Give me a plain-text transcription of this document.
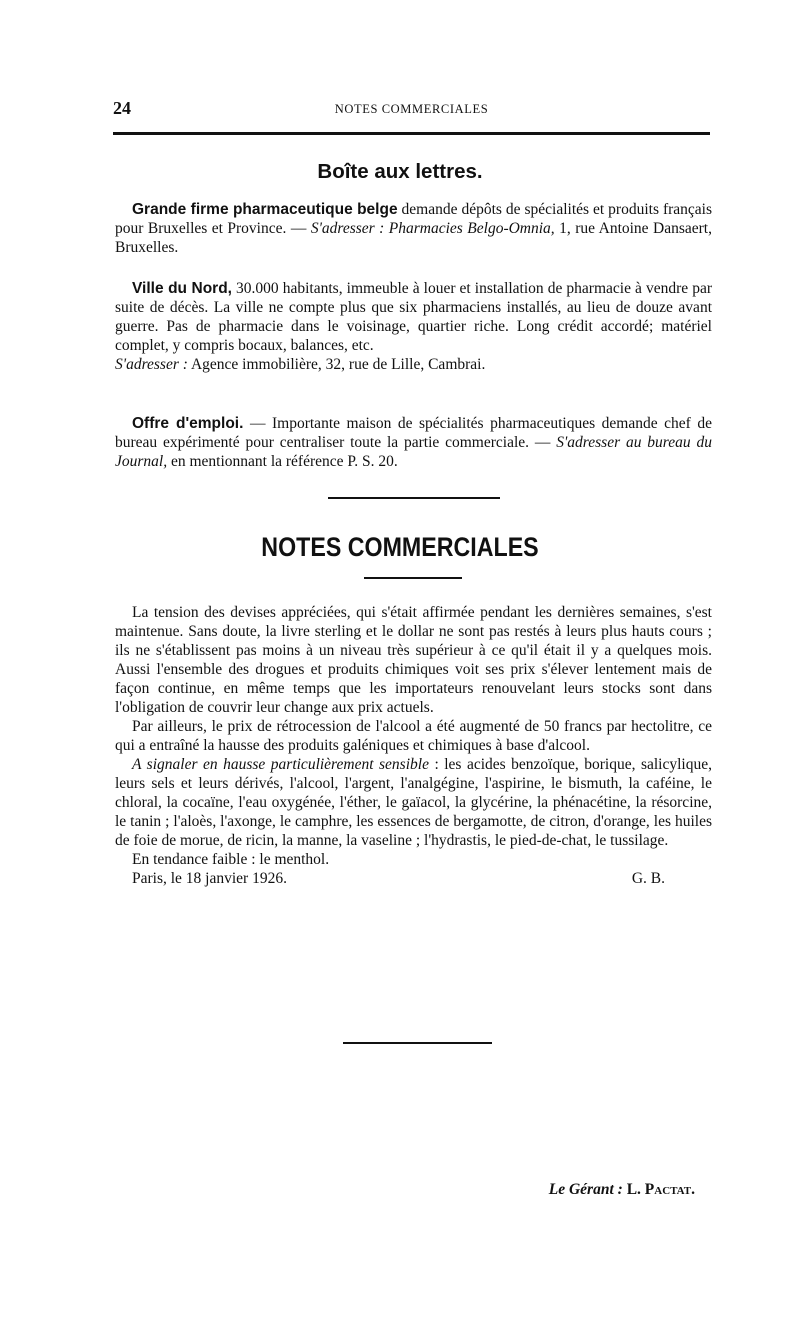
24	NOTES COMMERCIALES
Boîte aux lettres.

Grande firme pharmaceutique belge demande dépôts de spécialités et produits français pour Bruxelles et Province. — S'adresser : Pharmacies Belgo-Omnia, 1, rue Antoine Dansaert, Bruxelles.

Ville du Nord, 30.000 habitants, immeuble à louer et installation de pharmacie à vendre par suite de décès. La ville ne compte plus que six pharmaciens installés, au lieu de douze avant guerre. Pas de pharmacie dans le voisinage, quartier riche. Long crédit accordé; matériel complet, y compris bocaux, balances, etc.

S'adresser : Agence immobilière, 32, rue de Lille, Cambrai.

Offre d'emploi. — Importante maison de spécialités pharmaceutiques demande chef de bureau expérimenté pour centraliser toute la partie commerciale. — S'adresser au bureau du Journal, en mentionnant la référence P. S. 20.

NOTES COMMERCIALES

La tension des devises appréciées, qui s'était affirmée pendant les dernières semaines, s'est maintenue. Sans doute, la livre sterling et le dollar ne sont pas restés à leurs plus hauts cours ; ils ne s'établissent pas moins à un niveau très supérieur à ce qu'il était il y a quelques mois. Aussi l'ensemble des drogues et produits chimiques voit ses prix s'élever lentement mais de façon continue, en même temps que les importateurs renouvelant leurs stocks sont dans l'obligation de couvrir leur change aux prix actuels.

Par ailleurs, le prix de rétrocession de l'alcool a été augmenté de 50 francs par hectolitre, ce qui a entraîné la hausse des produits galéniques et chimiques à base d'alcool.

A signaler en hausse particulièrement sensible : les acides benzoïque, borique, salicylique, leurs sels et leurs dérivés, l'alcool, l'argent, l'analgégine, l'aspirine, le bismuth, la caféine, le chloral, la cocaïne, l'eau oxygénée, l'éther, le gaïacol, la glycérine, la phénacétine, la résorcine, le tanin ; l'aloès, l'axonge, le camphre, les essences de bergamotte, de citron, d'orange, les huiles de foie de morue, de ricin, la manne, la vaseline ; l'hydrastis, le pied-de-chat, le tussilage.

En tendance faible : le menthol.

Paris, le 18 janvier 1926.	G. B.
Le Gérant : L. Pactat.
